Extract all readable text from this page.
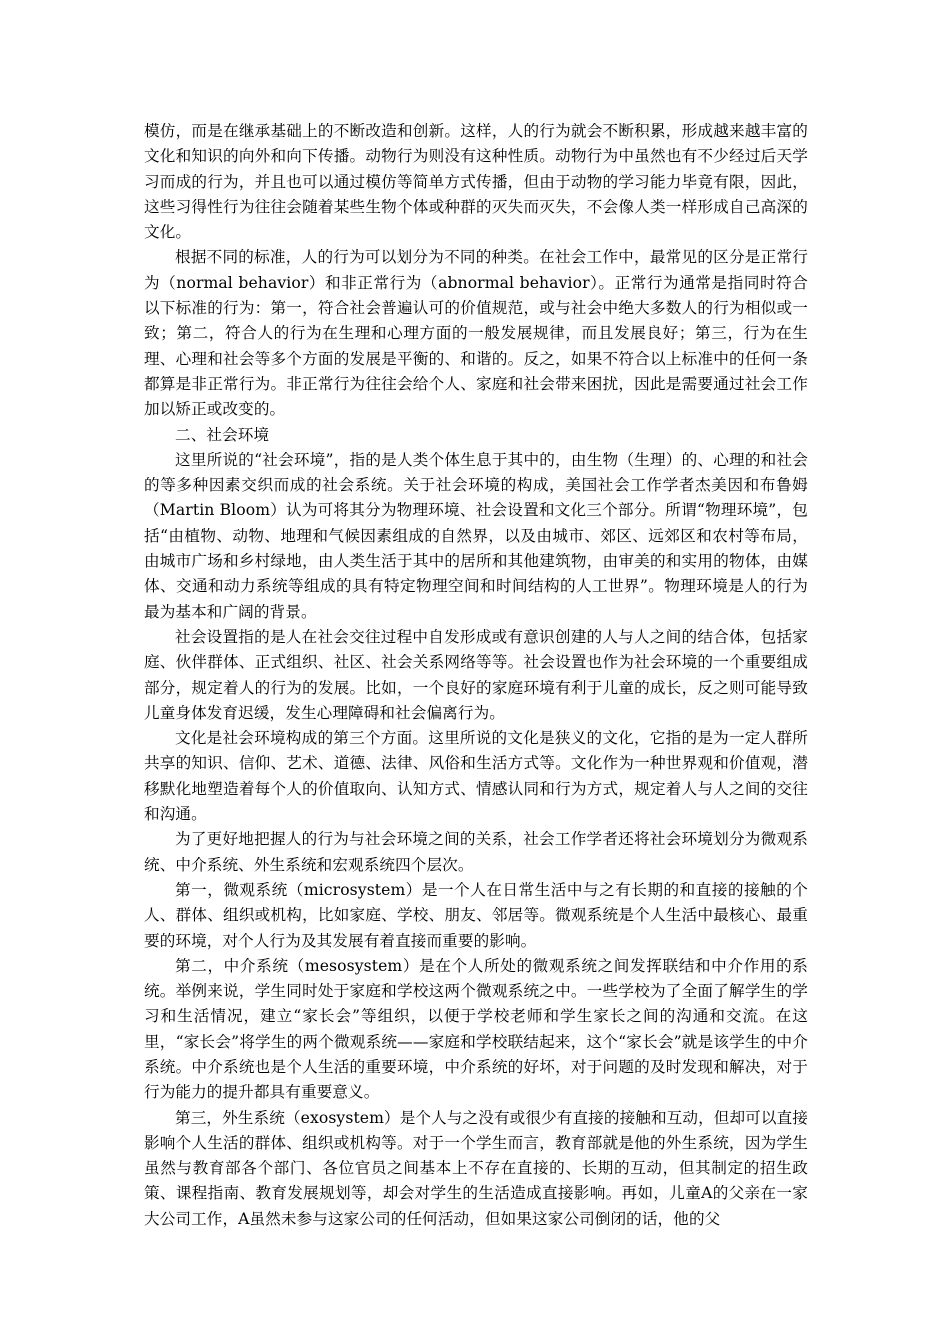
模仿，而是在继承基础上的不断改造和创新。这样，人的行为就会不断积累，形成越来越丰富的文化和知识的向外和向下传播。动物行为则没有这种性质。动物行为中虽然也有不少经过后天学习而成的行为，并且也可以通过模仿等简单方式传播，但由于动物的学习能力毕竟有限，因此，这些习得性行为往往会随着某些生物个体或种群的灭失而灭失，不会像人类一样形成自己高深的文化。

根据不同的标准，人的行为可以划分为不同的种类。在社会工作中，最常见的区分是正常行为（normal behavior）和非正常行为（abnormal behavior）。正常行为通常是指同时符合以下标准的行为：第一，符合社会普遍认可的价值规范，或与社会中绝大多数人的行为相似或一致；第二，符合人的行为在生理和心理方面的一般发展规律，而且发展良好；第三，行为在生理、心理和社会等多个方面的发展是平衡的、和谐的。反之，如果不符合以上标准中的任何一条都算是非正常行为。非正常行为往往会给个人、家庭和社会带来困扰，因此是需要通过社会工作加以矫正或改变的。

二、社会环境

这里所说的“社会环境”，指的是人类个体生息于其中的，由生物（生理）的、心理的和社会的等多种因素交织而成的社会系统。关于社会环境的构成，美国社会工作学者杰美因和布鲁姆（Martin Bloom）认为可将其分为物理环境、社会设置和文化三个部分。所谓“物理环境”，包括“由植物、动物、地理和气候因素组成的自然界，以及由城市、郊区、远郊区和农村等布局，由城市广场和乡村绿地，由人类生活于其中的居所和其他建筑物，由审美的和实用的物体，由媒体、交通和动力系统等组成的具有特定物理空间和时间结构的人工世界”。物理环境是人的行为最为基本和广阔的背景。

社会设置指的是人在社会交往过程中自发形成或有意识创建的人与人之间的结合体，包括家庭、伙伴群体、正式组织、社区、社会关系网络等等。社会设置也作为社会环境的一个重要组成部分，规定着人的行为的发展。比如，一个良好的家庭环境有利于儿童的成长，反之则可能导致儿童身体发育迟缓，发生心理障碍和社会偏离行为。

文化是社会环境构成的第三个方面。这里所说的文化是狭义的文化，它指的是为一定人群所共享的知识、信仰、艺术、道德、法律、风俗和生活方式等。文化作为一种世界观和价值观，潜移默化地塑造着每个人的价值取向、认知方式、情感认同和行为方式，规定着人与人之间的交往和沟通。

为了更好地把握人的行为与社会环境之间的关系，社会工作学者还将社会环境划分为微观系统、中介系统、外生系统和宏观系统四个层次。

第一，微观系统（microsystem）是一个人在日常生活中与之有长期的和直接的接触的个人、群体、组织或机构，比如家庭、学校、朋友、邻居等。微观系统是个人生活中最核心、最重要的环境，对个人行为及其发展有着直接而重要的影响。

第二，中介系统（mesosystem）是在个人所处的微观系统之间发挥联结和中介作用的系统。举例来说，学生同时处于家庭和学校这两个微观系统之中。一些学校为了全面了解学生的学习和生活情况，建立“家长会”等组织，以便于学校老师和学生家长之间的沟通和交流。在这里，“家长会”将学生的两个微观系统——家庭和学校联结起来，这个“家长会”就是该学生的中介系统。中介系统也是个人生活的重要环境，中介系统的好坏，对于问题的及时发现和解决，对于行为能力的提升都具有重要意义。

第三，外生系统（exosystem）是个人与之没有或很少有直接的接触和互动，但却可以直接影响个人生活的群体、组织或机构等。对于一个学生而言，教育部就是他的外生系统，因为学生虽然与教育部各个部门、各位官员之间基本上不存在直接的、长期的互动，但其制定的招生政策、课程指南、教育发展规划等，却会对学生的生活造成直接影响。再如，儿童A的父亲在一家大公司工作，A虽然未参与这家公司的任何活动，但如果这家公司倒闭的话，他的父
